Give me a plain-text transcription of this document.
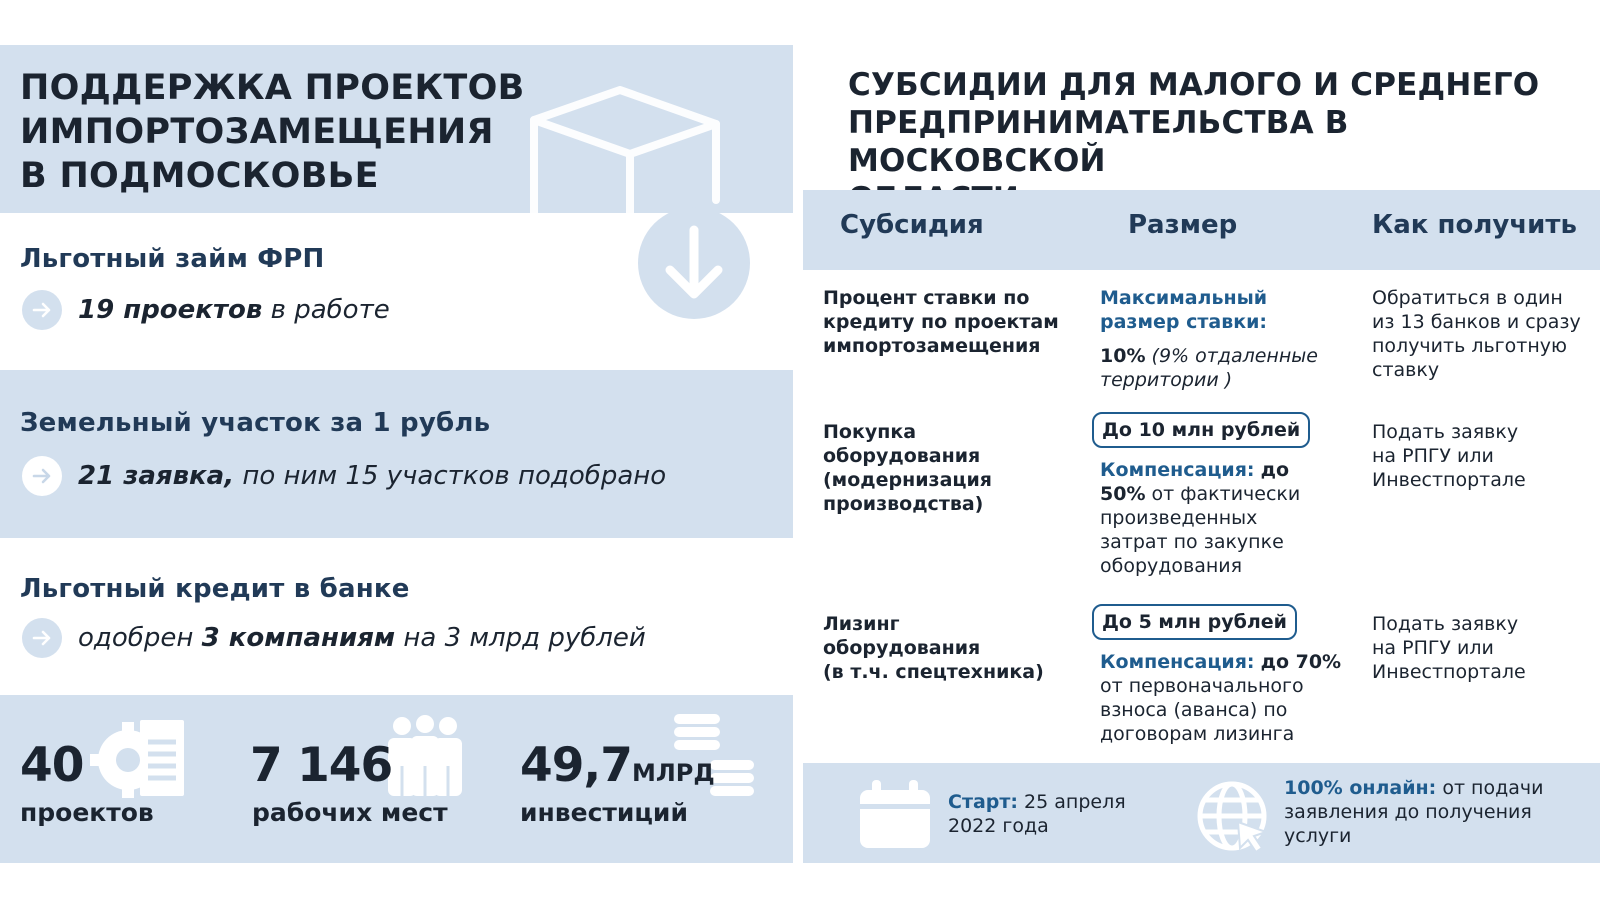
ПОДДЕРЖКА ПРОЕКТОВ
ИМПОРТОЗАМЕЩЕНИЯ
В ПОДМОСКОВЬЕ
Льготный займ ФРП
19 проектов в работе
Земельный участок за 1 рубль
21 заявка, по ним 15 участков подобрано
Льготный кредит в банке
одобрен 3 компаниям на 3 млрд рублей
40
проектов
7 146
рабочих мест
49,7МЛРД
инвестиций
СУБСИДИИ ДЛЯ МАЛОГО И СРЕДНЕГО
ПРЕДПРИНИМАТЕЛЬСТВА В МОСКОВСКОЙ
Субсидия	Размер	Как получить
Процент ставки по
кредиту по проектам
импортозамещения
Максимальный
размер ставки:
10% (9% отдаленные
территории )
Обратиться в один
из 13 банков и сразу
получить льготную
ставку
Покупка
оборудования
(модернизация
производства)
До 10 млн рублей
Компенсация: до
50% от фактически
произведенных
затрат по закупке
оборудования
Подать заявку
на РПГУ или
Инвестпортале
Лизинг
оборудования
(в т.ч. спецтехника)
До 5 млн рублей
Компенсация: до 70%
от первоначального
взноса (аванса) по
договорам лизинга
Подать заявку
на РПГУ или
Инвестпортале
Старт: 25 апреля
2022 года
100% онлайн: от подачи
заявления до получения
услуги
